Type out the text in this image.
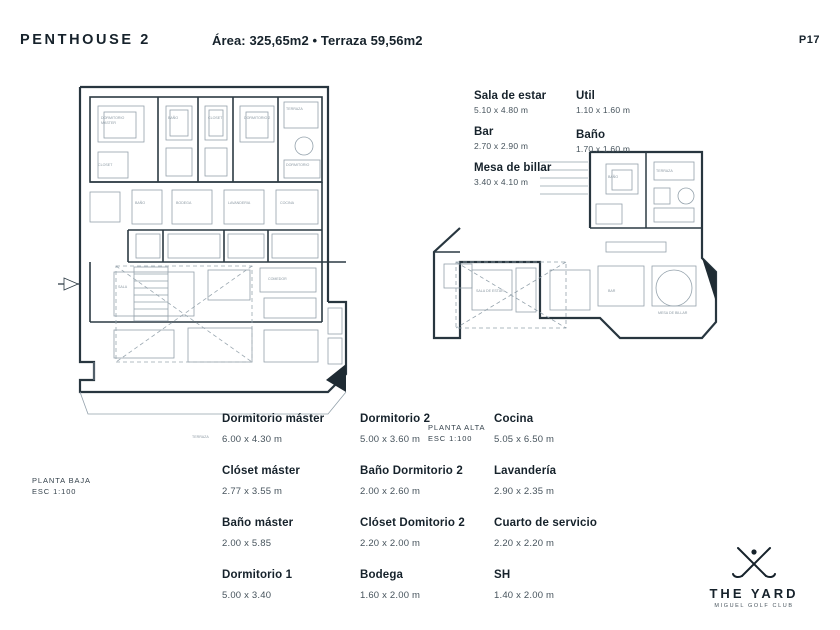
PENTHOUSE 2	Área: 325,65m2 • Terraza 59,56m2	P17
DORMITORIO
MASTER
BAÑO	CLOSET	DORMITORIO 2
TERRAZA
DORMITORIO
CLOSET
BAÑO	BODEGA	LAVANDERIA	COCINA
SALA
COMEDOR
TERRAZA
BAÑO
TERRAZA
SALA DE ESTAR	BAR
MESA DE BILLAR
PLANTA BAJA
ESC 1:100
PLANTA ALTA
ESC 1:100
Sala de estar
5.10 x 4.80 m
Bar
2.70 x 2.90 m
Mesa de billar
3.40 x 4.10 m
Util
1.10 x 1.60 m
Baño
1.70 x 1.60 m
Dormitorio máster
6.00 x 4.30 m
Clóset máster
2.77 x 3.55 m
Baño máster
2.00 x 5.85
Dormitorio 1
5.00 x 3.40
Dormitorio 2
5.00 x 3.60 m
Baño Dormitorio 2
2.00 x 2.60 m
Clóset Domitorio 2
2.20 x 2.00 m
Bodega
1.60 x 2.00 m
Cocina
5.05 x 6.50 m
Lavandería
2.90 x 2.35 m
Cuarto de servicio
2.20 x 2.20 m
SH
1.40 x 2.00 m	THE YARD
MIGUEL GOLF CLUB
